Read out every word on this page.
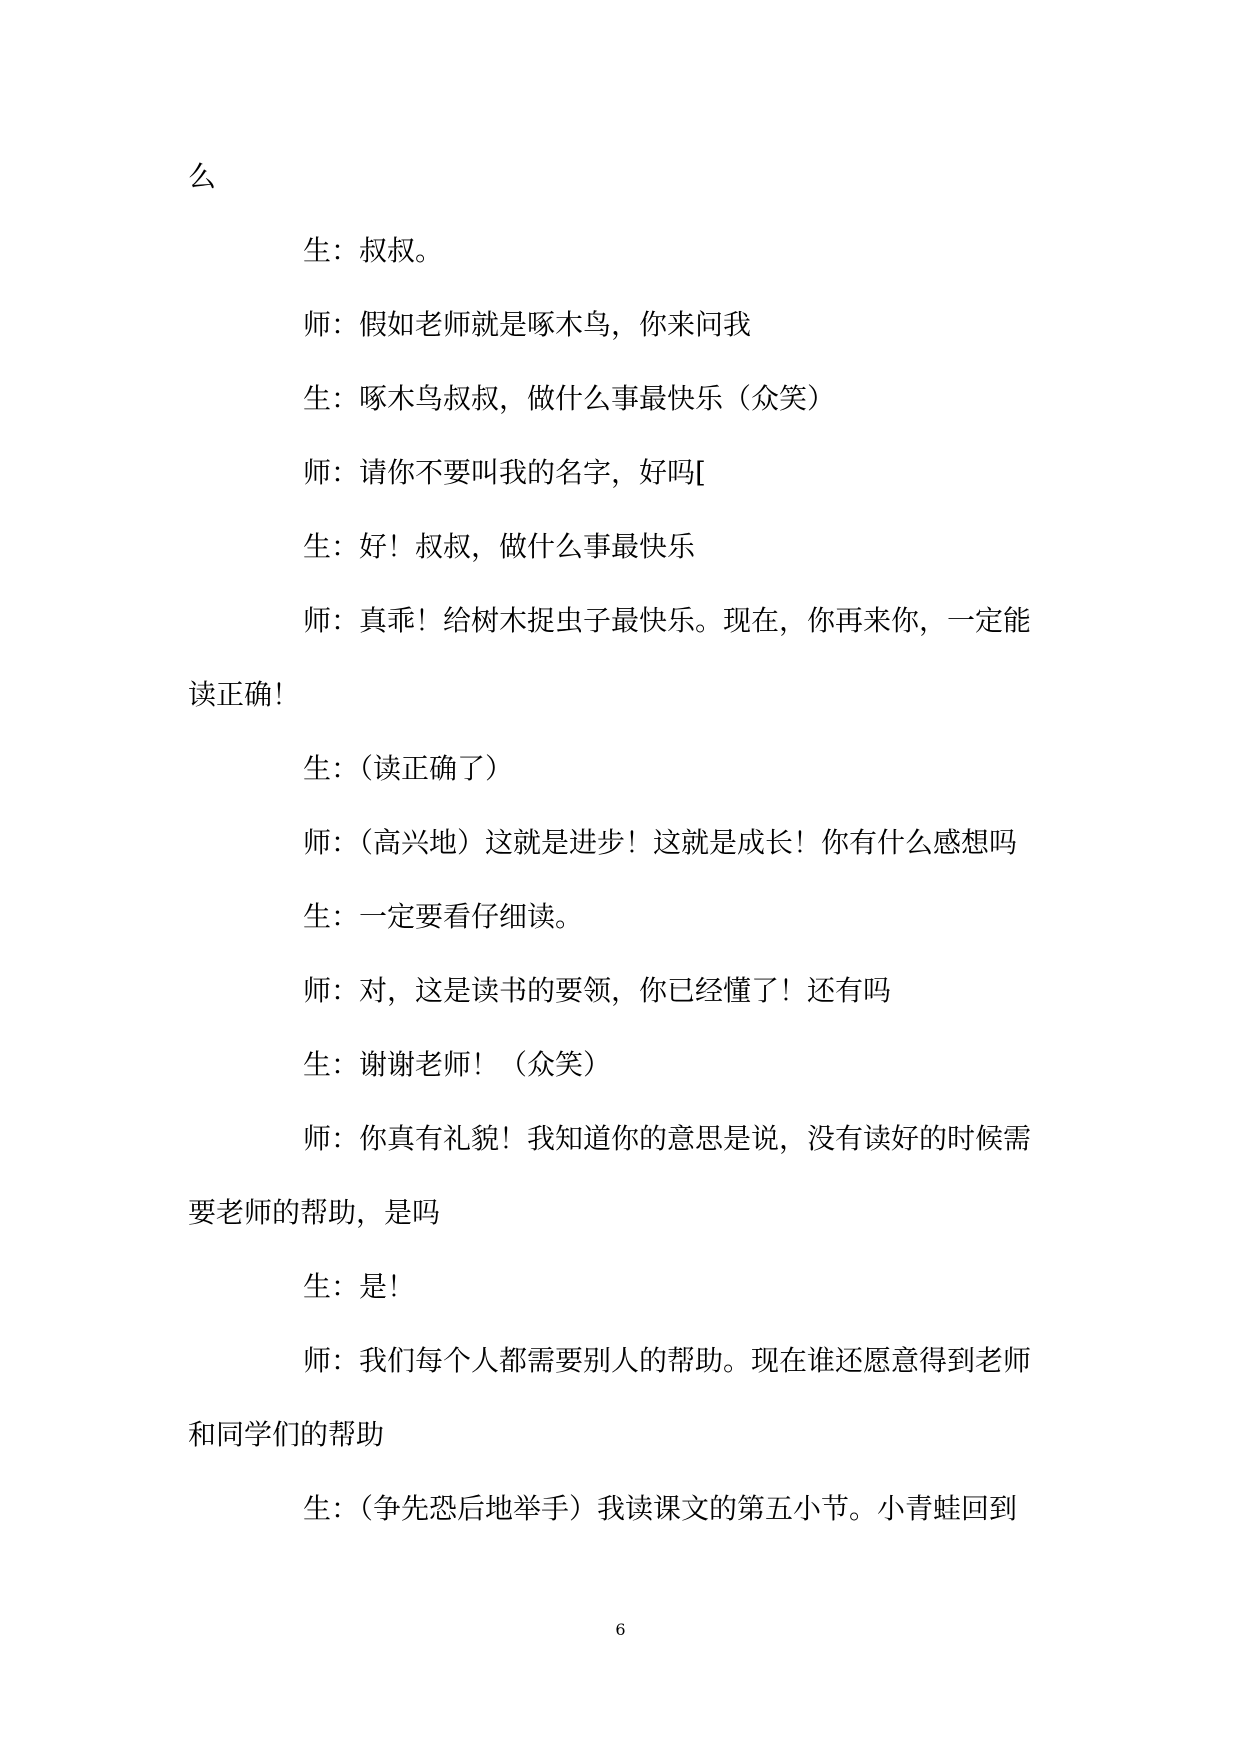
么

生：叔叔。

师：假如老师就是啄木鸟，你来问我

生：啄木鸟叔叔，做什么事最快乐（众笑）

师：请你不要叫我的名字，好吗[

生：好！叔叔，做什么事最快乐

师：真乖！给树木捉虫子最快乐。现在，你再来你，一定能

读正确！

生：（读正确了）

师：（高兴地）这就是进步！这就是成长！你有什么感想吗

生：一定要看仔细读。

师：对，这是读书的要领，你已经懂了！还有吗

生：谢谢老师！（众笑）

师：你真有礼貌！我知道你的意思是说，没有读好的时候需

要老师的帮助，是吗

生：是！

师：我们每个人都需要别人的帮助。现在谁还愿意得到老师

和同学们的帮助

生：（争先恐后地举手）我读课文的第五小节。小青蛙回到

6
